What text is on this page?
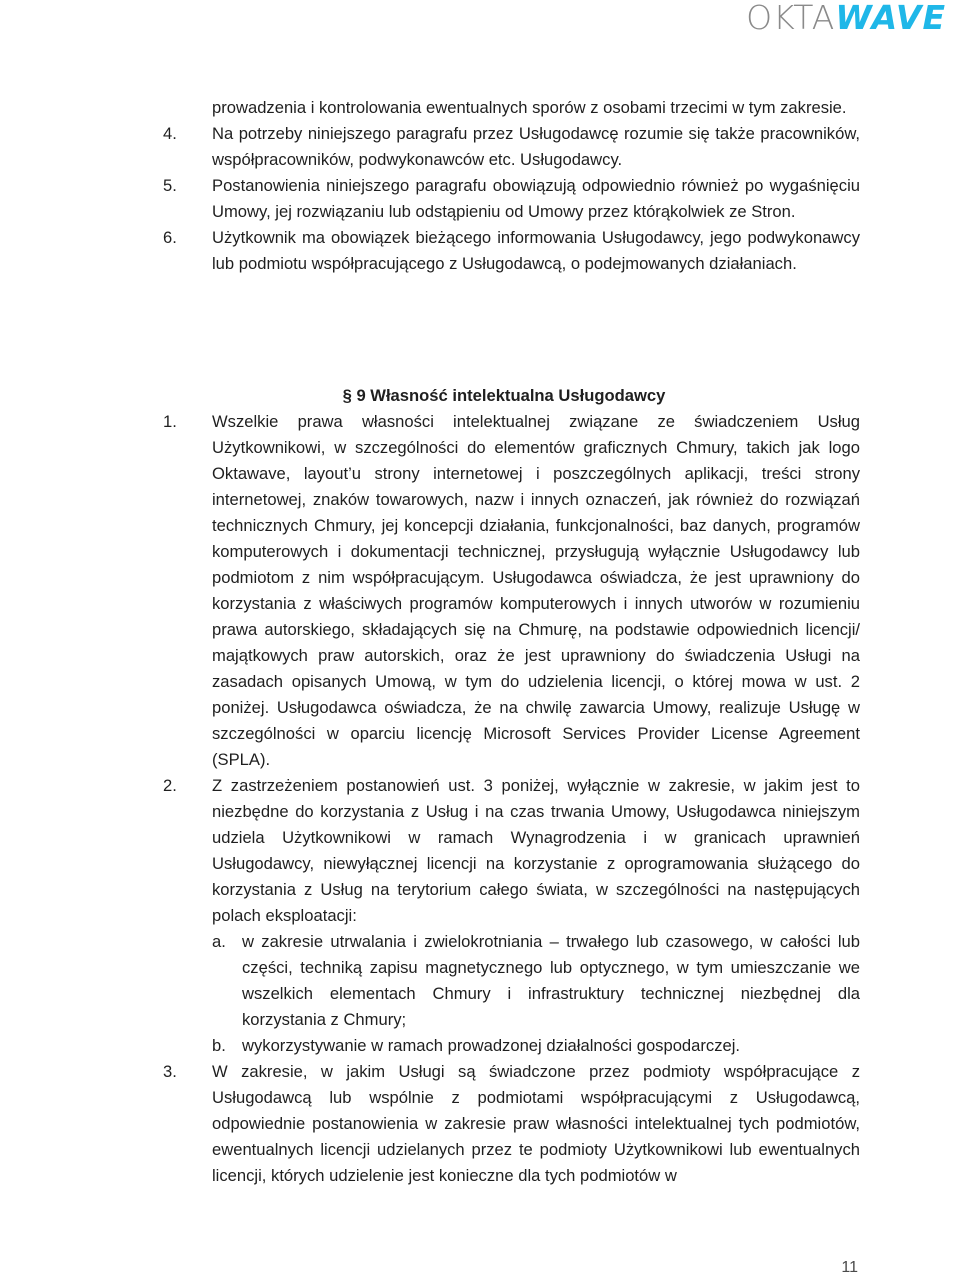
OKTAWAVE
prowadzenia i kontrolowania ewentualnych sporów z osobami trzecimi w tym zakresie.
4.	Na potrzeby niniejszego paragrafu przez Usługodawcę rozumie się także pracowników, współpracowników, podwykonawców etc. Usługodawcy.
5.	Postanowienia niniejszego paragrafu obowiązują odpowiednio również po wygaśnięciu Umowy, jej rozwiązaniu lub odstąpieniu od Umowy przez którąkolwiek ze Stron.
6.	Użytkownik ma obowiązek bieżącego informowania Usługodawcy, jego podwykonawcy lub podmiotu współpracującego z Usługodawcą, o podejmowanych działaniach.
§ 9 Własność intelektualna Usługodawcy
1.	Wszelkie prawa własności intelektualnej związane ze świadczeniem Usług Użytkownikowi, w szczególności do elementów graficznych Chmury, takich jak logo Oktawave, layout’u strony internetowej i poszczególnych aplikacji, treści strony internetowej, znaków towarowych, nazw i innych oznaczeń, jak również do rozwiązań technicznych Chmury, jej koncepcji działania, funkcjonalności, baz danych, programów komputerowych i dokumentacji technicznej, przysługują wyłącznie Usługodawcy lub podmiotom z nim współpracującym. Usługodawca oświadcza, że jest uprawniony do korzystania z właściwych programów komputerowych i innych utworów w rozumieniu prawa autorskiego, składających się na Chmurę, na podstawie odpowiednich licencji/ majątkowych praw autorskich, oraz że jest uprawniony do świadczenia Usługi na zasadach opisanych Umową, w tym do udzielenia licencji, o której mowa w ust. 2 poniżej. Usługodawca oświadcza, że na chwilę zawarcia Umowy, realizuje Usługę w szczególności w oparciu licencję Microsoft Services Provider License Agreement (SPLA).
2.	Z zastrzeżeniem postanowień ust. 3 poniżej, wyłącznie w zakresie, w jakim jest to niezbędne do korzystania z Usług i na czas trwania Umowy, Usługodawca niniejszym udziela Użytkownikowi w ramach Wynagrodzenia i w granicach uprawnień Usługodawcy, niewyłącznej licencji na korzystanie z oprogramowania służącego do korzystania z Usług na terytorium całego świata, w szczególności na następujących polach eksploatacji:
a. w zakresie utrwalania i zwielokrotniania – trwałego lub czasowego, w całości lub części, techniką zapisu magnetycznego lub optycznego, w tym umieszczanie we wszelkich elementach Chmury i infrastruktury technicznej niezbędnej dla korzystania z Chmury;
b. wykorzystywanie w ramach prowadzonej działalności gospodarczej.
3.	W zakresie, w jakim Usługi są świadczone przez podmioty współpracujące z Usługodawcą lub wspólnie z podmiotami współpracującymi z Usługodawcą, odpowiednie postanowienia w zakresie praw własności intelektualnej tych podmiotów, ewentualnych licencji udzielanych przez te podmioty Użytkownikowi lub ewentualnych licencji, których udzielenie jest konieczne dla tych podmiotów w
11
